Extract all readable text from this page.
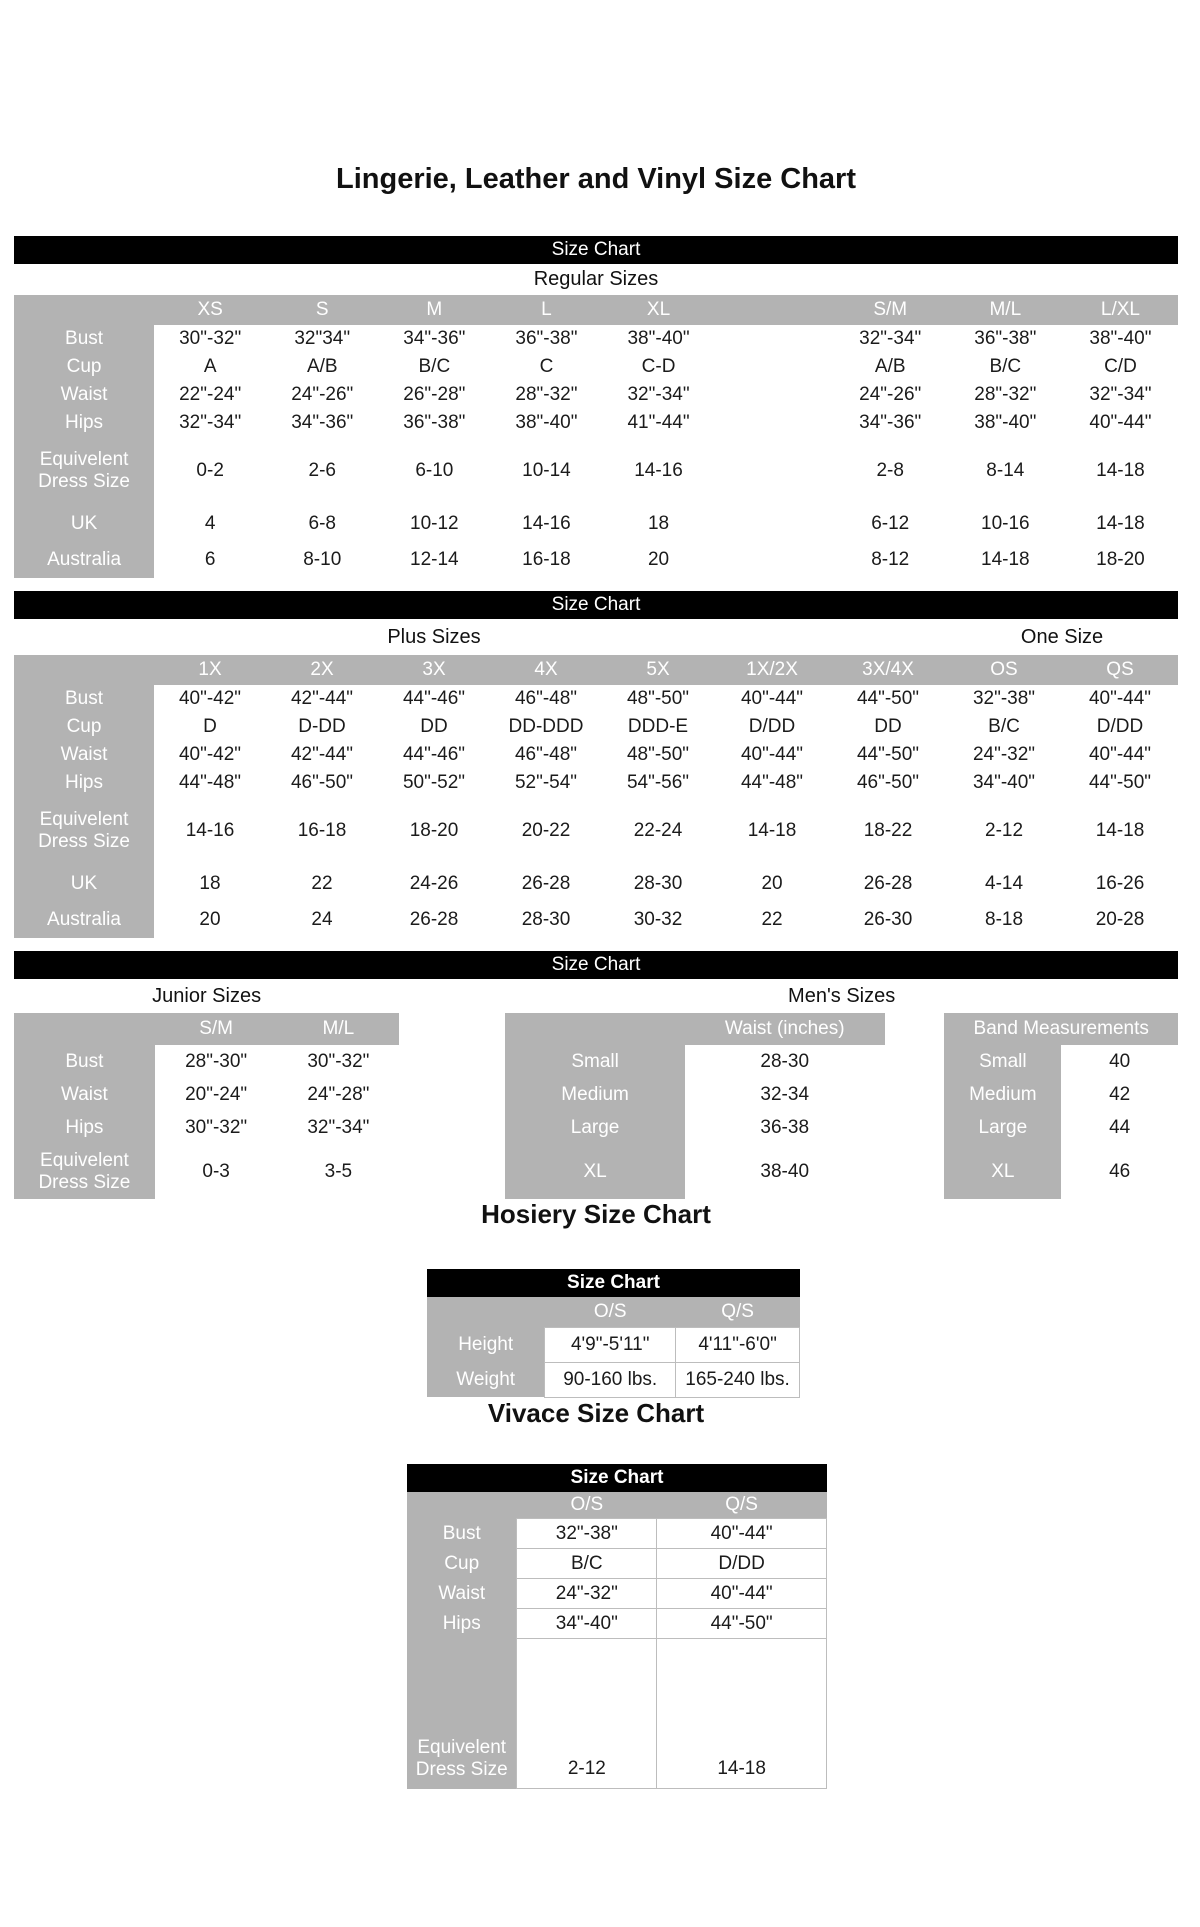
Lingerie, Leather and Vinyl Size Chart
Size Chart
Regular Sizes
	XS	S	M	L	XL		S/M	M/L	L/XL
Bust	30"-32"	32"34"	34"-36"	36"-38"	38"-40"		32"-34"	36"-38"	38"-40"
Cup	A	A/B	B/C	C	C-D		A/B	B/C	C/D
Waist	22"-24"	24"-26"	26"-28"	28"-32"	32"-34"		24"-26"	28"-32"	32"-34"
Hips	32"-34"	34"-36"	36"-38"	38"-40"	41"-44"		34"-36"	38"-40"	40"-44"
Equivelent Dress Size	0-2	2-6	6-10	10-14	14-16		2-8	8-14	14-18
UK	4	6-8	10-12	14-16	18		6-12	10-16	14-18
Australia	6	8-10	12-14	16-18	20		8-12	14-18	18-20
Size Chart
	Plus Sizes							One Size	
	1X	2X	3X	4X	5X	1X/2X	3X/4X	OS	QS
Bust	40"-42"	42"-44"	44"-46"	46"-48"	48"-50"	40"-44"	44"-50"	32"-38"	40"-44"
Cup	D	D-DD	DD	DD-DDD	DDD-E	D/DD	DD	B/C	D/DD
Waist	40"-42"	42"-44"	44"-46"	46"-48"	48"-50"	40"-44"	44"-50"	24"-32"	40"-44"
Hips	44"-48"	46"-50"	50"-52"	52"-54"	54"-56"	44"-48"	46"-50"	34"-40"	44"-50"
Equivelent Dress Size	14-16	16-18	18-20	20-22	22-24	14-18	18-22	2-12	14-18
UK	18	22	24-26	26-28	28-30	20	26-28	4-14	16-26
Australia	20	24	26-28	28-30	30-32	22	26-30	8-18	20-28
Size Chart
Junior Sizes
	S/M	M/L
Bust	28"-30"	30"-32"
Waist	20"-24"	24"-28"
Hips	30"-32"	32"-34"
Equivelent Dress Size	0-3	3-5
Men's Sizes
	Waist (inches)
Small	28-30
Medium	32-34
Large	36-38
XL	38-40
Band Measurements	
Small	40
Medium	42
Large	44
XL	46
Hosiery Size Chart
Size Chart
	O/S	Q/S
Height	4'9"-5'11"	4'11"-6'0"
Weight	90-160 lbs.	165-240 lbs.
Vivace Size Chart
Size Chart
	O/S	Q/S
Bust	32"-38"	40"-44"
Cup	B/C	D/DD
Waist	24"-32"	40"-44"
Hips	34"-40"	44"-50"
Equivelent Dress Size	2-12	14-18
